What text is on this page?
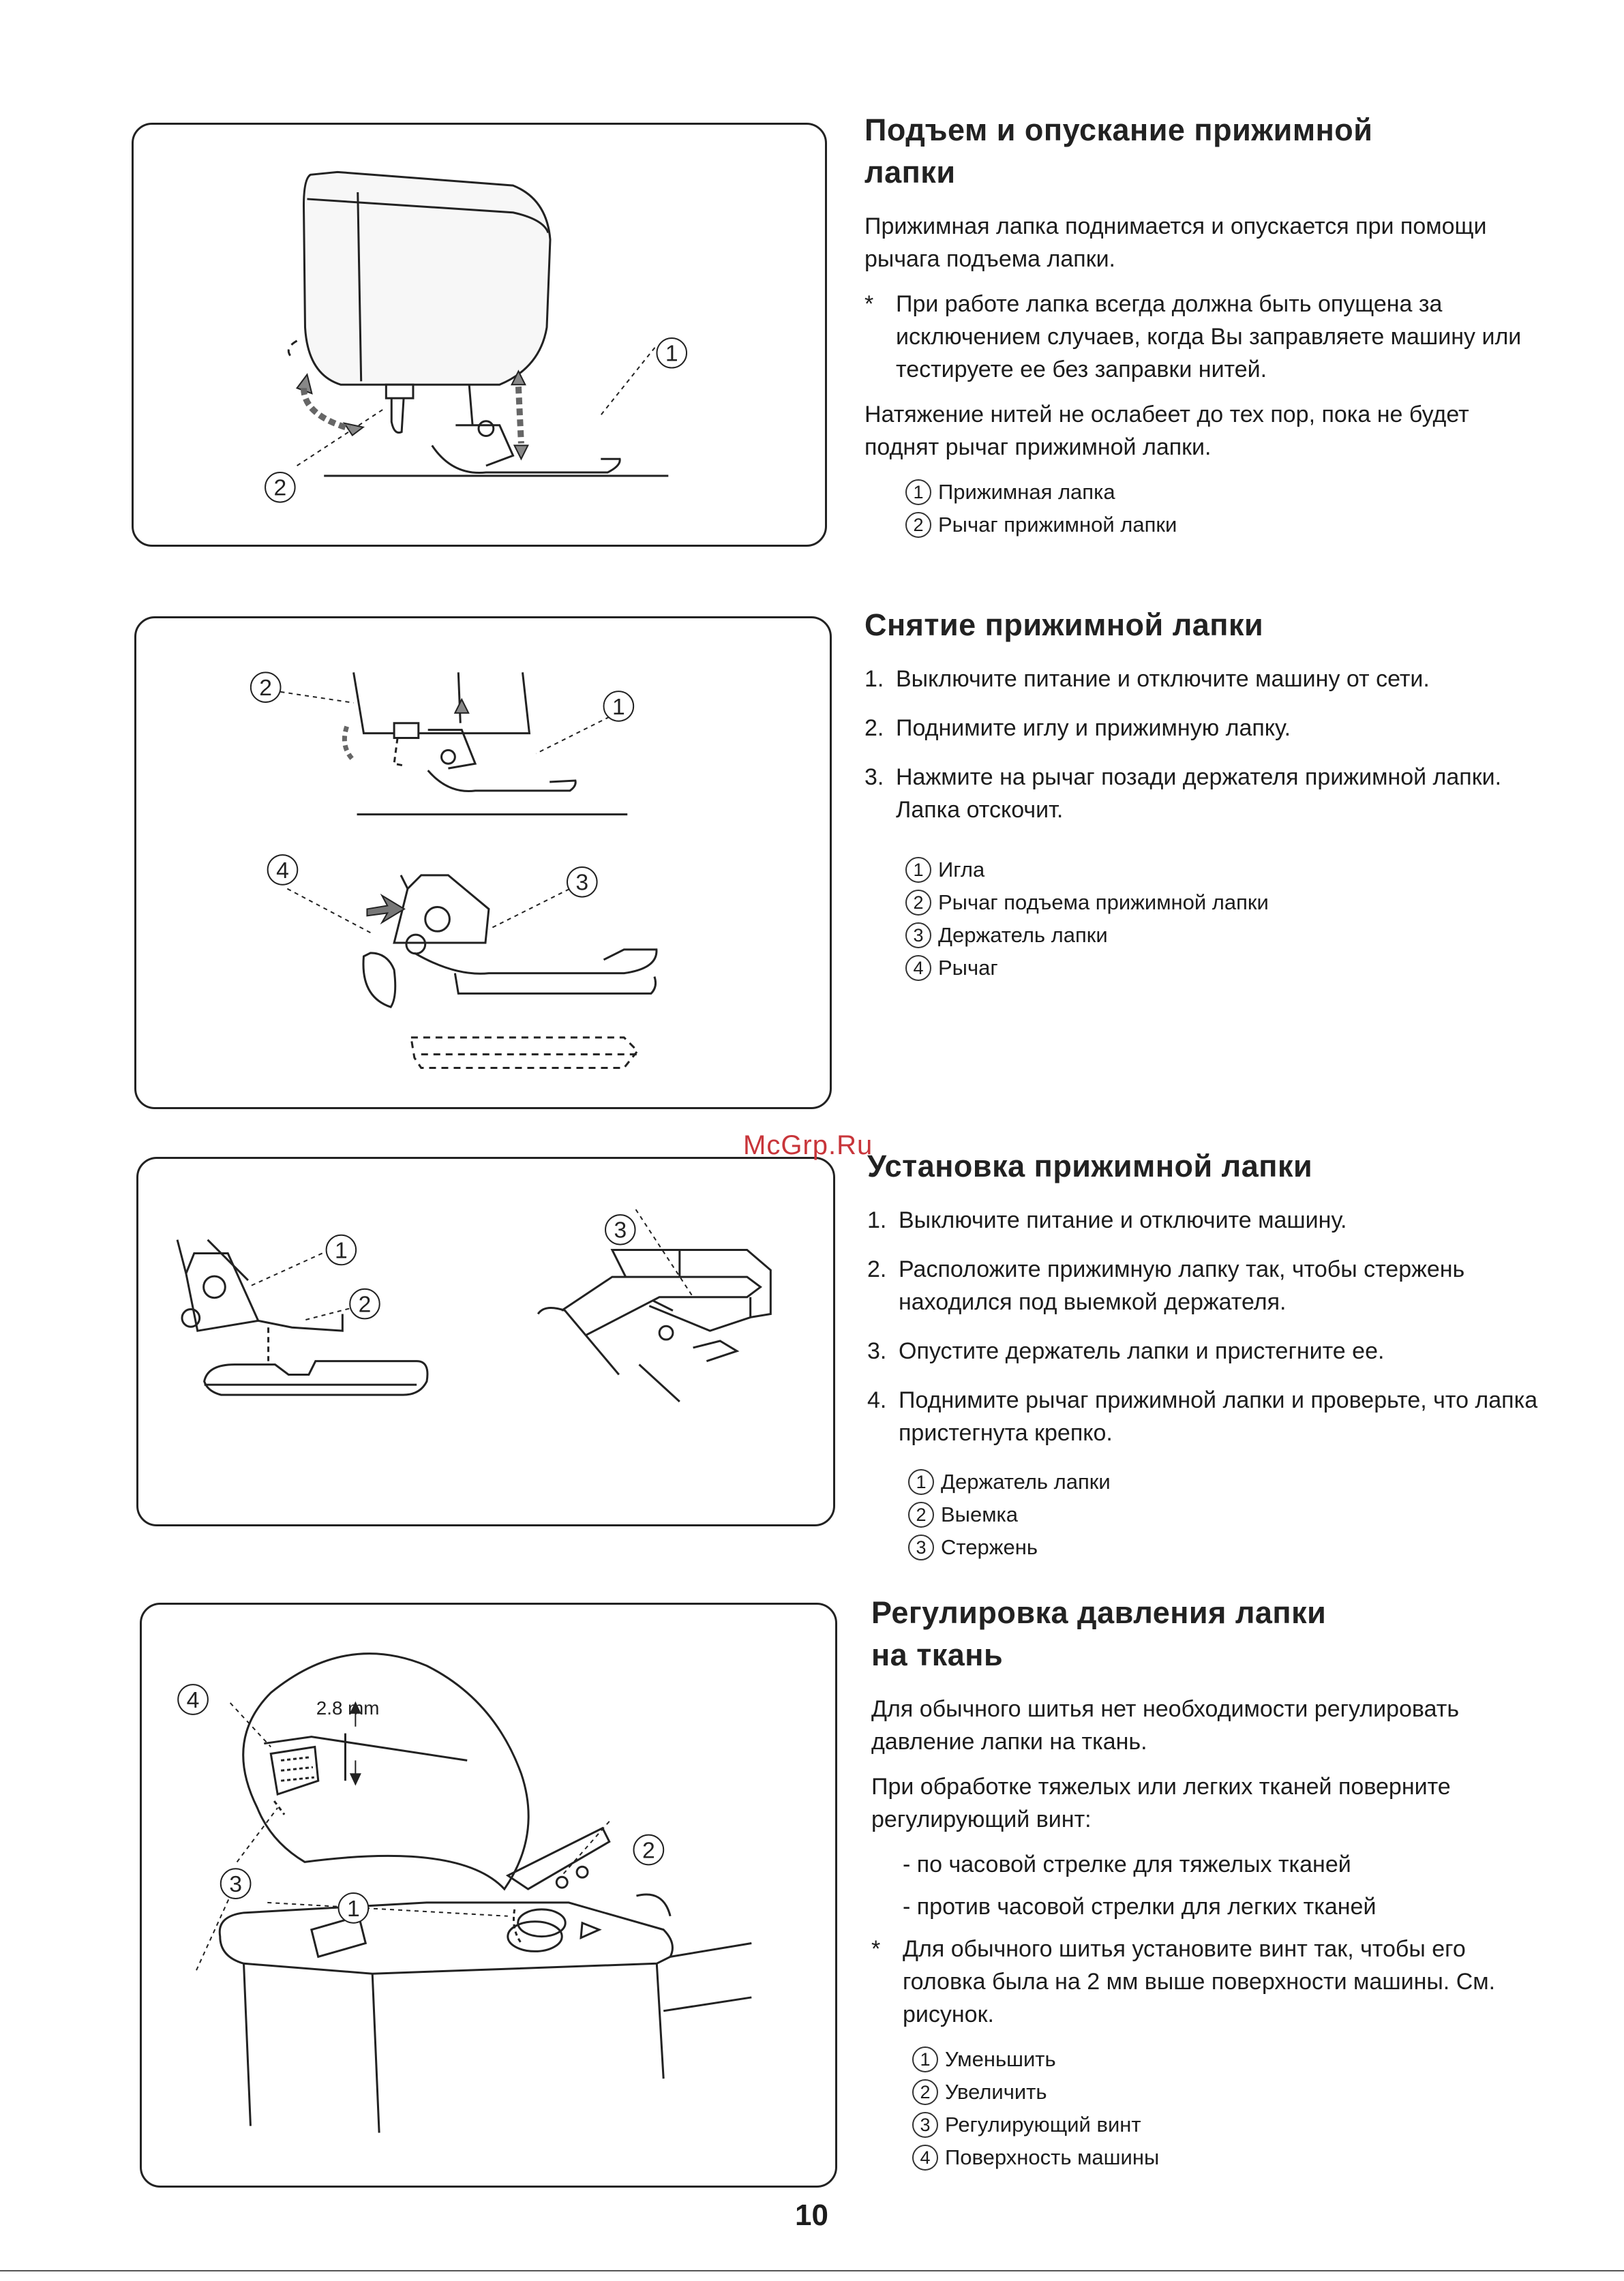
1
2
2
1
3
4
1
2
3
2.8 mm
4
3
1
2
Подъем и опускание прижимной
лапки

Прижимная лапка поднимается и опускается при помощи рычага подъема лапки.

* При работе лапка всегда должна быть опущена за исключением случаев, когда Вы заправляете машину или тестируете ее без заправки нитей.

Натяжение нитей не ослабеет до тех пор, пока не будет поднят рычаг прижимной лапки.

1 Прижимная лапка
2 Рычаг прижимной лапки
Снятие прижимной лапки
1. Выключите питание и отключите машину от сети.
2. Поднимите иглу и прижимную лапку.
3. Нажмите на рычаг позади держателя прижимной лапки. Лапка отскочит.
1 Игла
2 Рычаг подъема прижимной лапки
3 Держатель лапки
4 Рычаг
McGrp.Ru
Установка прижимной лапки
1. Выключите питание и отключите машину.
2. Расположите прижимную лапку так, чтобы стержень находился под выемкой держателя.
3. Опустите держатель лапки и пристегните ее.
4. Поднимите рычаг прижимной лапки и проверьте, что лапка пристегнута крепко.
1 Держатель лапки
2 Выемка
3 Стержень
Регулировка давления лапки
на ткань

Для обычного шитья нет необходимости регулировать давление лапки на ткань.

При обработке тяжелых или легких тканей поверните регулирующий винт:

- по часовой стрелке для тяжелых тканей
- против часовой стрелки для легких тканей
* Для обычного шитья установите винт так, чтобы его головка была на 2 мм выше поверхности машины. См. рисунок.
1 Уменьшить
2 Увеличить
3 Регулирующий винт
4 Поверхность машины
10
